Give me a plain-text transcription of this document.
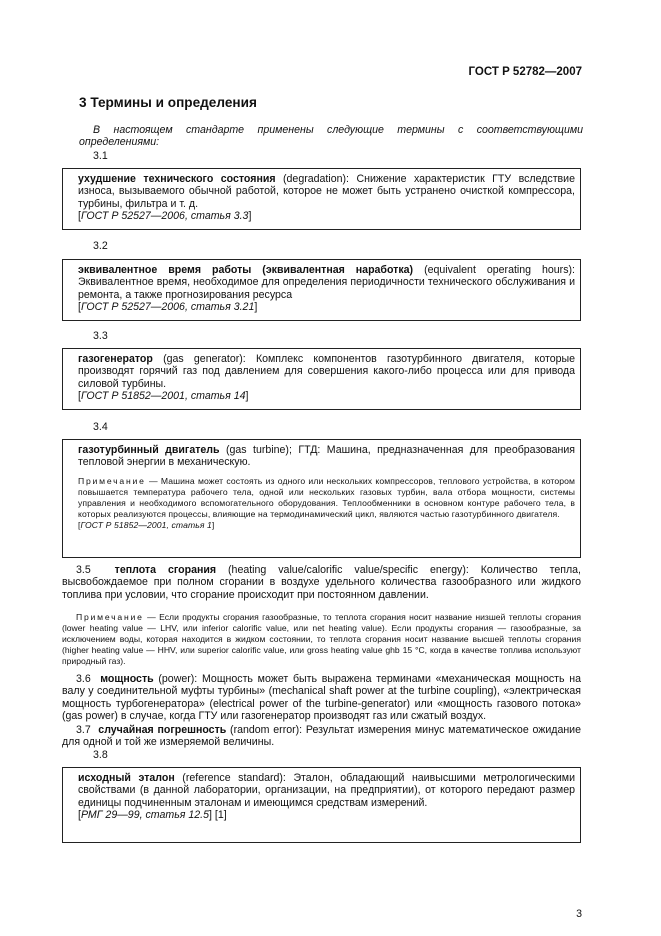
ГОСТ Р 52782—2007
3 Термины и определения
В настоящем стандарте применены следующие термины с соответствующими определениями:
3.1

ухудшение технического состояния (degradation): Снижение характеристик ГТУ вследствие износа, вызываемого обычной работой, которое не может быть устранено очисткой компрессора, турбины, фильтра и т. д.

[ГОСТ Р 52527—2006, статья 3.3]

3.2

эквивалентное время работы (эквивалентная наработка) (equivalent operating hours): Эквивалентное время, необходимое для определения периодичности технического обслуживания и ремонта, а также прогнозирования ресурса

[ГОСТ Р 52527—2006, статья 3.21]

3.3

газогенератор (gas generator): Комплекс компонентов газотурбинного двигателя, которые производят горячий газ под давлением для совершения какого-либо процесса или для привода силовой турбины.

[ГОСТ Р 51852—2001, статья 14]

3.4

газотурбинный двигатель (gas turbine); ГТД: Машина, предназначенная для преобразования тепловой энергии в механическую.

Примечание — Машина может состоять из одного или нескольких компрессоров, теплового устройства, в котором повышается температура рабочего тела, одной или нескольких газовых турбин, вала отбора мощности, системы управления и необходимого вспомогательного оборудования. Теплообменники в основном контуре рабочего тела, в которых реализуются процессы, влияющие на термодинамический цикл, являются частью газотурбинного двигателя.

[ГОСТ Р 51852—2001, статья 1]

3.5 теплота сгорания (heating value/calorific value/specific energy): Количество тепла, высвобождаемое при полном сгорании в воздухе удельного количества газообразного или жидкого топлива при условии, что сгорание происходит при постоянном давлении.
Примечание — Если продукты сгорания газообразные, то теплота сгорания носит название низшей теплоты сгорания (lower heating value — LHV, или inferior calorific value, или net heating value). Если продукты сгорания — газообразные, за исключением воды, которая находится в жидком состоянии, то теплота сгорания носит название высшей теплоты сгорания (higher heating value — HHV, или superior calorific value, или gross heating value ghb 15 °С, когда в качестве топлива используют природный газ).
3.6 мощность (power): Мощность может быть выражена терминами «механическая мощность на валу у соединительной муфты турбины» (mechanical shaft power at the turbine coupling), «электрическая мощность турбогенератора» (electrical power of the turbine-generator) или «мощность газового потока» (gas power) в случае, когда ГТУ или газогенератор производят газ или сжатый воздух.
3.7 случайная погрешность (random error): Результат измерения минус математическое ожидание для одной и той же измеряемой величины.
3.8

исходный эталон (reference standard): Эталон, обладающий наивысшими метрологическими свойствами (в данной лаборатории, организации, на предприятии), от которого передают размер единицы подчиненным эталонам и имеющимся средствам измерений.

[РМГ 29—99, статья 12.5] [1]

3
